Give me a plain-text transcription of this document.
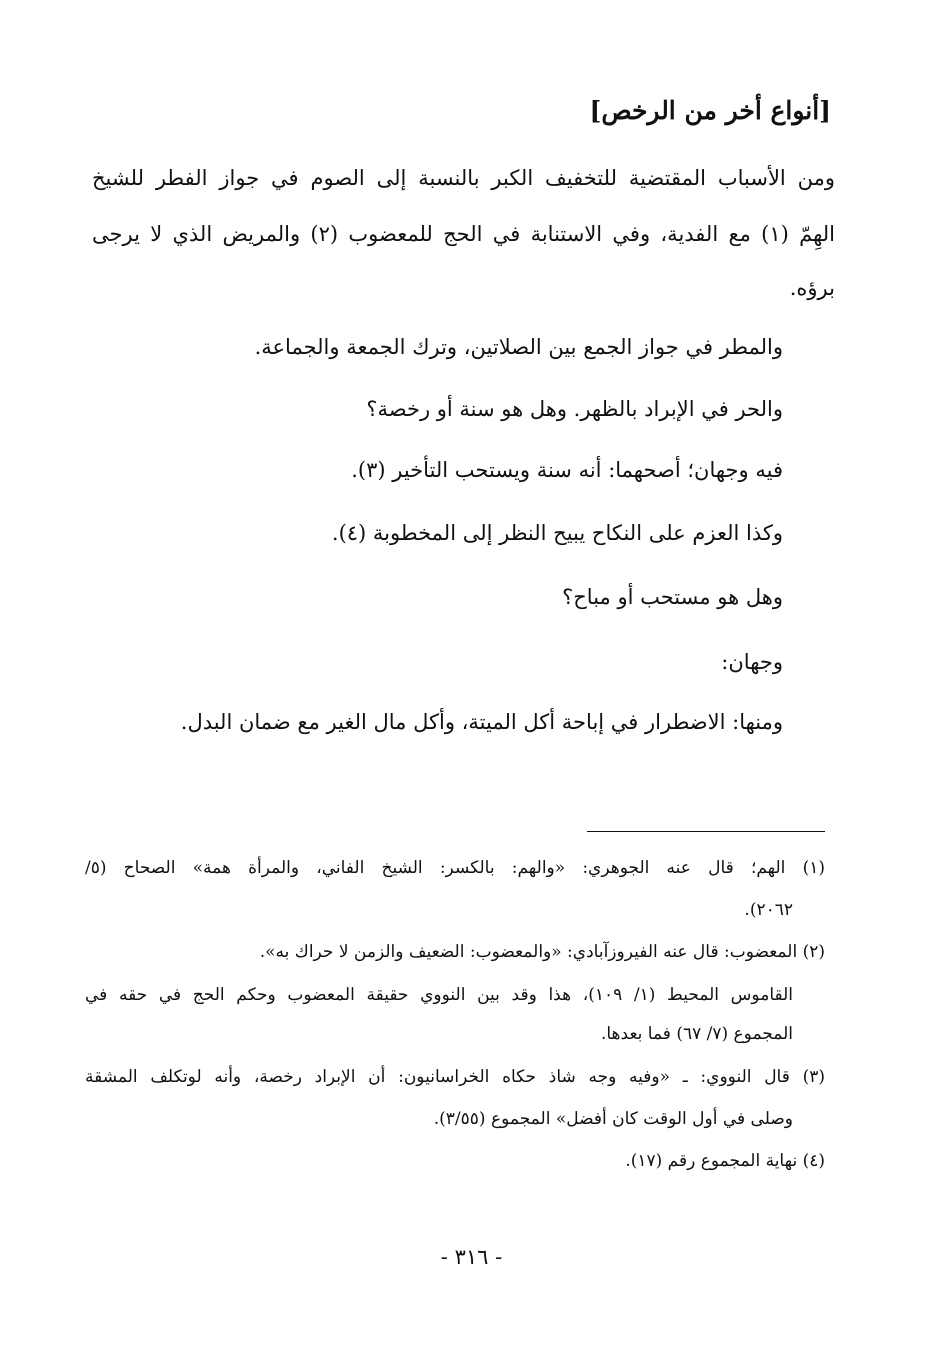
[أنواع أخر من الرخص]
ومن الأسباب المقتضية للتخفيف الكبر بالنسبة إلى الصوم في جواز الفطر للشيخ
الهِمّ (١) مع الفدية، وفي الاستنابة في الحج للمعضوب (٢) والمريض الذي لا يرجى
برؤه.
والمطر في جواز الجمع بين الصلاتين، وترك الجمعة والجماعة.
والحر في الإبراد بالظهر. وهل هو سنة أو رخصة؟
فيه وجهان؛ أصحهما: أنه سنة ويستحب التأخير (٣).
وكذا العزم على النكاح يبيح النظر إلى المخطوبة (٤).
وهل هو مستحب أو مباح؟
وجهان:
ومنها: الاضطرار في إباحة أكل الميتة، وأكل مال الغير مع ضمان البدل.
(١) الهم؛ قال عنه الجوهري: «والهم: بالكسر: الشيخ الفاني، والمرأة همة» الصحاح (٥/
٢٠٦٢).
(٢) المعضوب: قال عنه الفيروزآبادي: «والمعضوب: الضعيف والزمن لا حراك به».
القاموس المحيط (١/ ١٠٩)، هذا وقد بين النووي حقيقة المعضوب وحكم الحج في حقه في
المجموع (٧/ ٦٧) فما بعدها.
(٣) قال النووي: ـ «وفيه وجه شاذ حكاه الخراسانيون: أن الإبراد رخصة، وأنه لوتكلف المشقة
وصلى في أول الوقت كان أفضل» المجموع (٣/٥٥).
(٤) نهاية المجموع رقم (١٧).
- ٣١٦ -
